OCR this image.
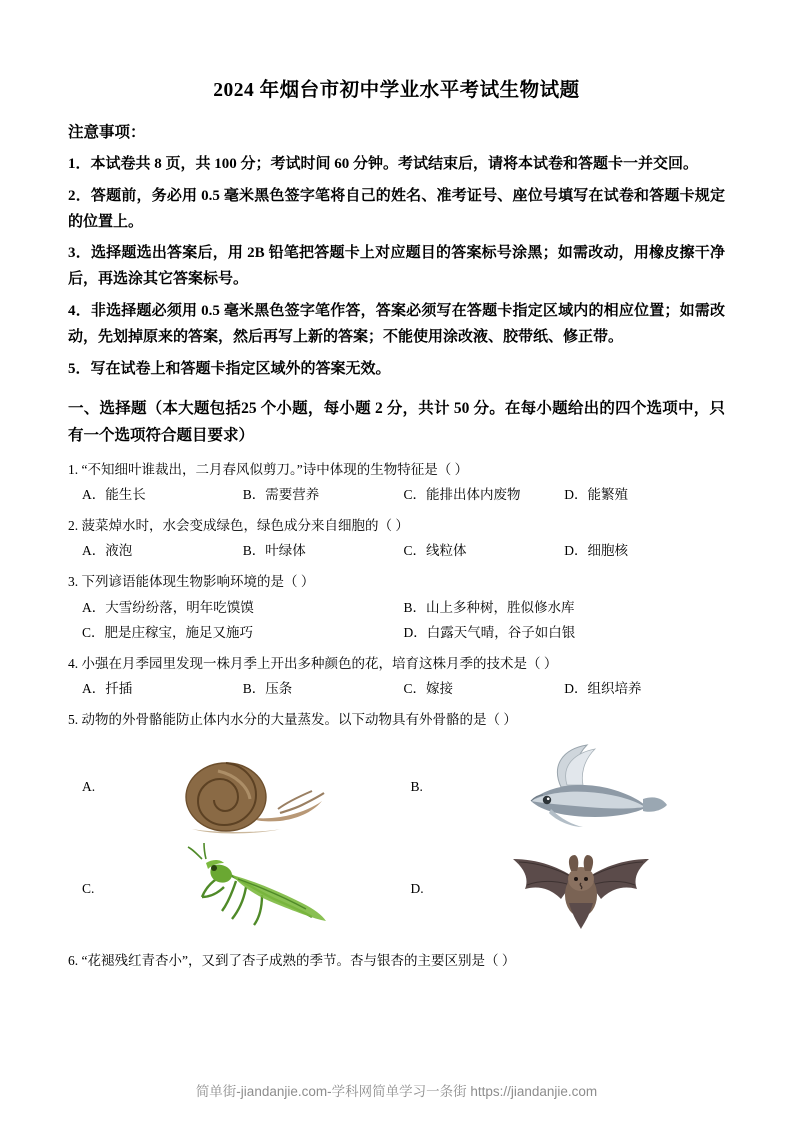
2024 年烟台市初中学业水平考试生物试题
注意事项：
1．本试卷共 8 页，共 100 分；考试时间 60 分钟。考试结束后，请将本试卷和答题卡一并交回。
2．答题前，务必用 0.5 毫米黑色签字笔将自己的姓名、准考证号、座位号填写在试卷和答题卡规定的位置上。
3．选择题选出答案后，用 2B 铅笔把答题卡上对应题目的答案标号涂黑；如需改动，用橡皮擦干净后，再选涂其它答案标号。
4．非选择题必须用 0.5 毫米黑色签字笔作答，答案必须写在答题卡指定区域内的相应位置；如需改动，先划掉原来的答案，然后再写上新的答案；不能使用涂改液、胶带纸、修正带。
5．写在试卷上和答题卡指定区域外的答案无效。
一、选择题（本大题包括25 个小题，每小题 2 分，共计 50 分。在每小题给出的四个选项中，只有一个选项符合题目要求）
1. “不知细叶谁裁出，二月春风似剪刀。”诗中体现的生物特征是（ ）
A．能生长	B．需要营养	C．能排出体内废物	D．能繁殖
2. 菠菜焯水时，水会变成绿色，绿色成分来自细胞的（ ）
A．液泡	B．叶绿体	C．线粒体	D．细胞核
3. 下列谚语能体现生物影响环境的是（ ）
A．大雪纷纷落，明年吃馍馍	B．山上多种树，胜似修水库
C．肥是庄稼宝，施足又施巧	D．白露天气晴，谷子如白银
4. 小强在月季园里发现一株月季上开出多种颜色的花，培育这株月季的技术是（ ）
A．扦插	B．压条	C．嫁接	D．组织培养
5. 动物的外骨骼能防止体内水分的大量蒸发。以下动物具有外骨骼的是（ ）
A.	B.
C.	D.
6. “花褪残红青杏小”，又到了杏子成熟的季节。杏与银杏的主要区别是（ ）
简单街-jiandanjie.com-学科网简单学习一条街 https://jiandanjie.com
